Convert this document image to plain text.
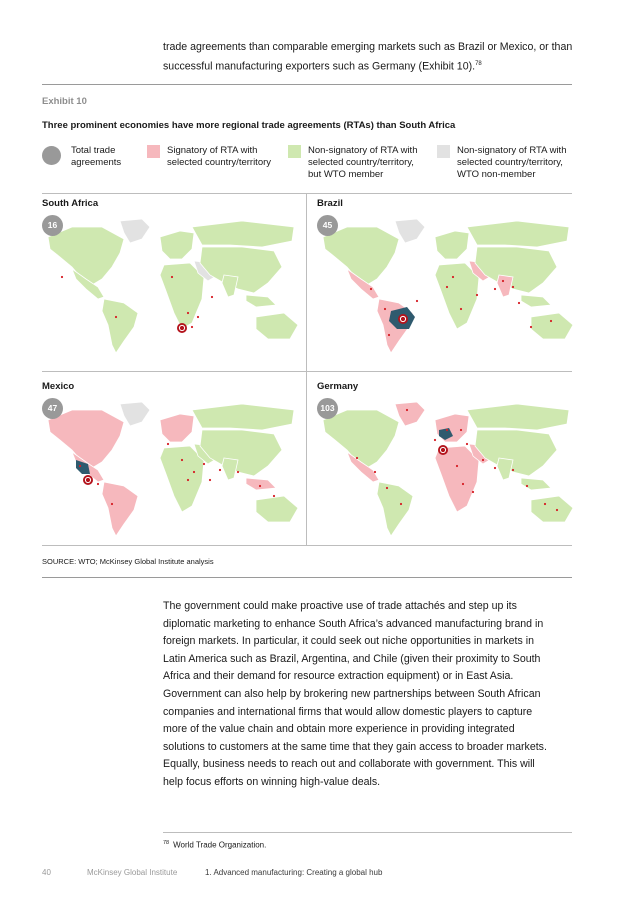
trade agreements than comparable emerging markets such as Brazil or Mexico, or than successful manufacturing exporters such as Germany (Exhibit 10).$^{78}$
Exhibit 10
Three prominent economies have more regional trade agreements (RTAs) than South Africa
Total trade agreements
Signatory of RTA with selected country/territory
Non-signatory of RTA with selected country/territory, but WTO member
Non-signatory of RTA with selected country/territory, WTO non-member
South Africa
16
Brazil
45
Mexico
47
Germany
103
SOURCE: WTO; McKinsey Global Institute analysis
The government could make proactive use of trade attachés and step up its diplomatic marketing to enhance South Africa’s advanced manufacturing brand in foreign markets. In particular, it could seek out niche opportunities in markets in Latin America such as Brazil, Argentina, and Chile (given their proximity to South Africa and their demand for resource extraction equipment) or in East Asia. Government can also help by brokering new partnerships between South African companies and international firms that would allow domestic players to capture more of the value chain and obtain more experience in providing integrated solutions to customers at the same time that they gain access to broader markets. Equally, business needs to reach out and collaborate with government. This will help focus efforts on winning high-value deals.
$^{78}$ World Trade Organization.
40	McKinsey Global Institute	1. Advanced manufacturing: Creating a global hub
